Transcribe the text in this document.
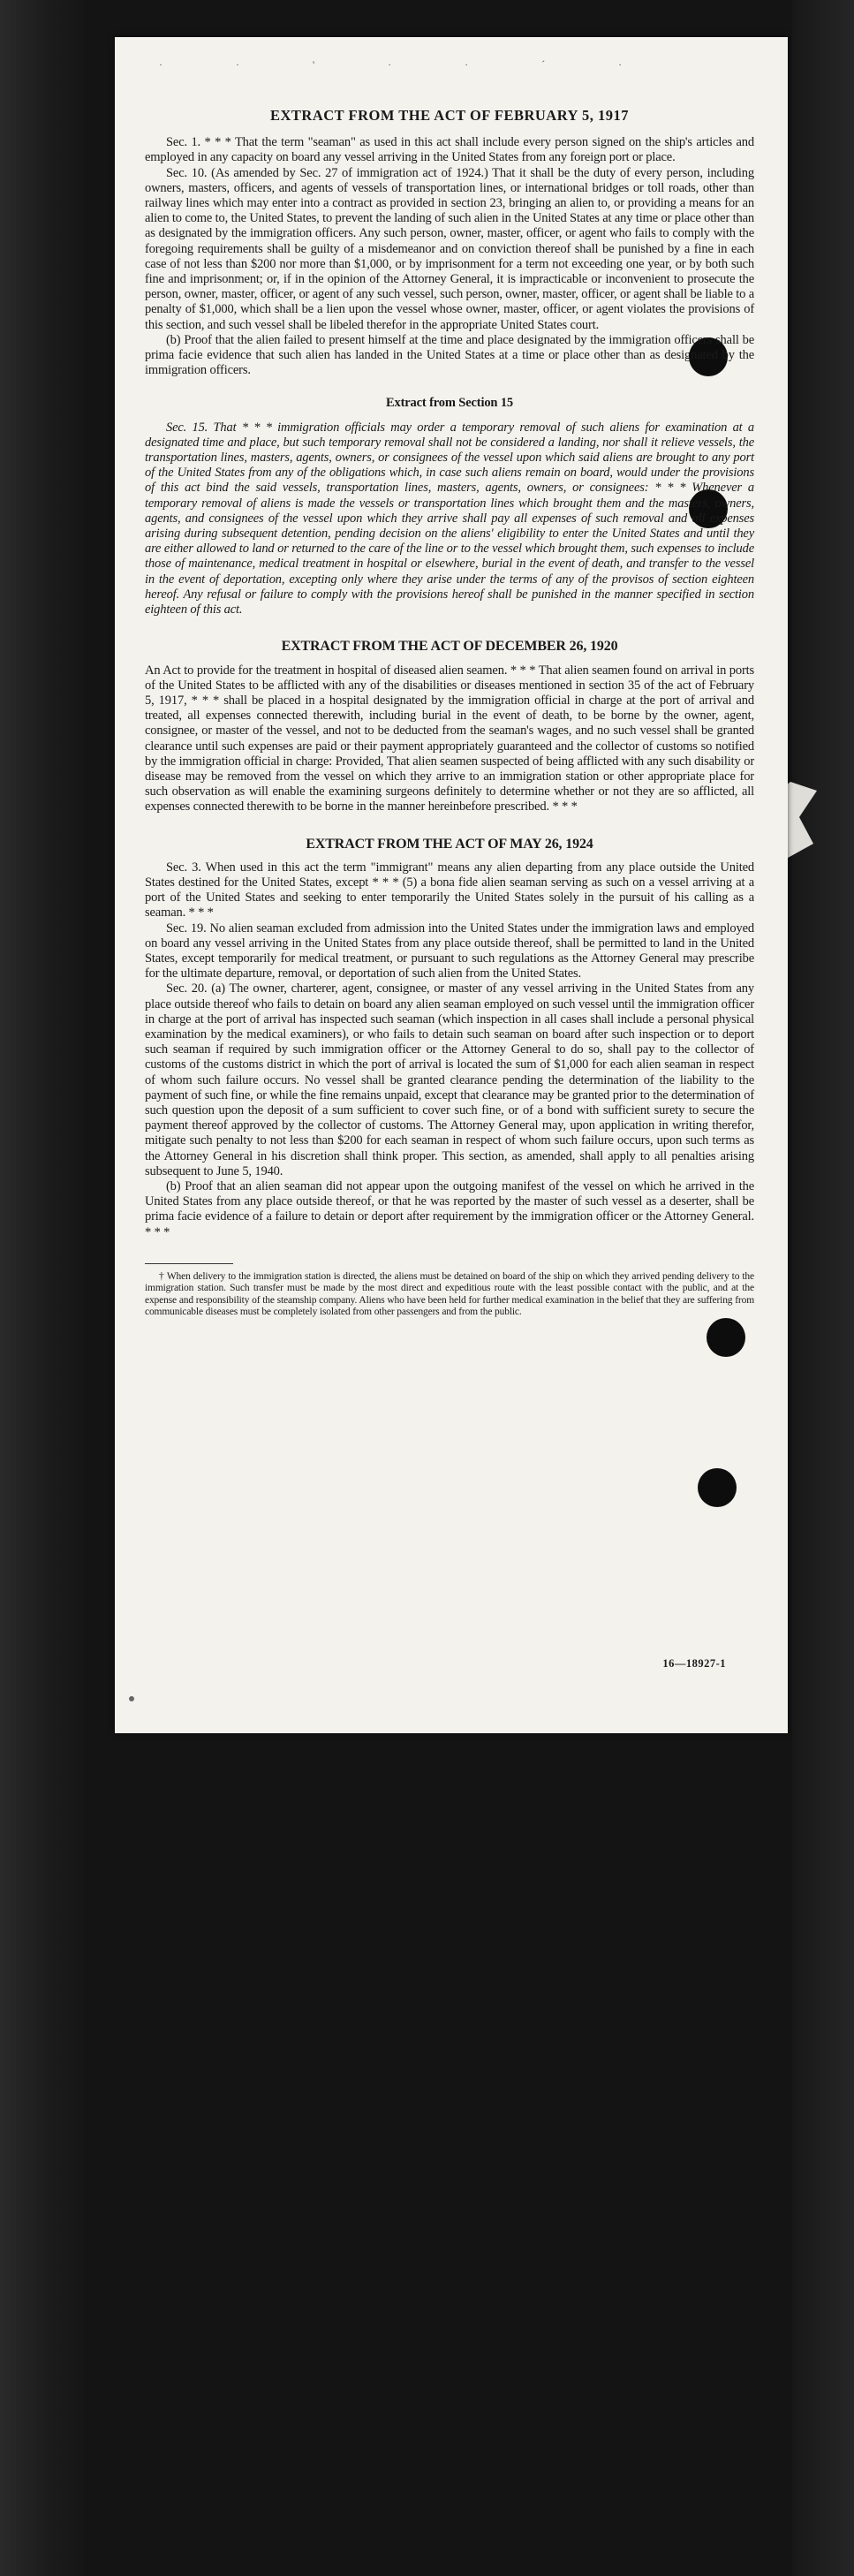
· · ' · · ´ ·
EXTRACT FROM THE ACT OF FEBRUARY 5, 1917

Sec. 1. * * * That the term "seaman" as used in this act shall include every person signed on the ship's articles and employed in any capacity on board any vessel arriving in the United States from any foreign port or place.

Sec. 10. (As amended by Sec. 27 of immigration act of 1924.) That it shall be the duty of every person, including owners, masters, officers, and agents of vessels of transportation lines, or international bridges or toll roads, other than railway lines which may enter into a contract as provided in section 23, bringing an alien to, or providing a means for an alien to come to, the United States, to prevent the landing of such alien in the United States at any time or place other than as designated by the immigration officers. Any such person, owner, master, officer, or agent who fails to comply with the foregoing requirements shall be guilty of a misdemeanor and on conviction thereof shall be punished by a fine in each case of not less than $200 nor more than $1,000, or by imprisonment for a term not exceeding one year, or by both such fine and imprisonment; or, if in the opinion of the Attorney General, it is impracticable or inconvenient to prosecute the person, owner, master, officer, or agent of any such vessel, such person, owner, master, officer, or agent shall be liable to a penalty of $1,000, which shall be a lien upon the vessel whose owner, master, officer, or agent violates the provisions of this section, and such vessel shall be libeled therefor in the appropriate United States court.

(b) Proof that the alien failed to present himself at the time and place designated by the immigration officers shall be prima facie evidence that such alien has landed in the United States at a time or place other than as designated by the immigration officers.

Extract from Section 15

Sec. 15. That * * * immigration officials may order a temporary removal of such aliens for examination at a designated time and place, but such temporary removal shall not be considered a landing, nor shall it relieve vessels, the transportation lines, masters, agents, owners, or consignees of the vessel upon which said aliens are brought to any port of the United States from any of the obligations which, in case such aliens remain on board, would under the provisions of this act bind the said vessels, transportation lines, masters, agents, owners, or consignees: * * * Whenever a temporary removal of aliens is made the vessels or transportation lines which brought them and the masters, owners, agents, and consignees of the vessel upon which they arrive shall pay all expenses of such removal and all expenses arising during subsequent detention, pending decision on the aliens' eligibility to enter the United States and until they are either allowed to land or returned to the care of the line or to the vessel which brought them, such expenses to include those of maintenance, medical treatment in hospital or elsewhere, burial in the event of death, and transfer to the vessel in the event of deportation, excepting only where they arise under the terms of any of the provisos of section eighteen hereof. Any refusal or failure to comply with the provisions hereof shall be punished in the manner specified in section eighteen of this act.

EXTRACT FROM THE ACT OF DECEMBER 26, 1920

An Act to provide for the treatment in hospital of diseased alien seamen. * * * That alien seamen found on arrival in ports of the United States to be afflicted with any of the disabilities or diseases mentioned in section 35 of the act of February 5, 1917, * * * shall be placed in a hospital designated by the immigration official in charge at the port of arrival and treated, all expenses connected therewith, including burial in the event of death, to be borne by the owner, agent, consignee, or master of the vessel, and not to be deducted from the seaman's wages, and no such vessel shall be granted clearance until such expenses are paid or their payment appropriately guaranteed and the collector of customs so notified by the immigration official in charge: Provided, That alien seamen suspected of being afflicted with any such disability or disease may be removed from the vessel on which they arrive to an immigration station or other appropriate place for such observation as will enable the examining surgeons definitely to determine whether or not they are so afflicted, all expenses connected therewith to be borne in the manner hereinbefore prescribed. * * *

EXTRACT FROM THE ACT OF MAY 26, 1924

Sec. 3. When used in this act the term "immigrant" means any alien departing from any place outside the United States destined for the United States, except * * * (5) a bona fide alien seaman serving as such on a vessel arriving at a port of the United States and seeking to enter temporarily the United States solely in the pursuit of his calling as a seaman. * * *

Sec. 19. No alien seaman excluded from admission into the United States under the immigration laws and employed on board any vessel arriving in the United States from any place outside thereof, shall be permitted to land in the United States, except temporarily for medical treatment, or pursuant to such regulations as the Attorney General may prescribe for the ultimate departure, removal, or deportation of such alien from the United States.

Sec. 20. (a) The owner, charterer, agent, consignee, or master of any vessel arriving in the United States from any place outside thereof who fails to detain on board any alien seaman employed on such vessel until the immigration officer in charge at the port of arrival has inspected such seaman (which inspection in all cases shall include a personal physical examination by the medical examiners), or who fails to detain such seaman on board after such inspection or to deport such seaman if required by such immigration officer or the Attorney General to do so, shall pay to the collector of customs of the customs district in which the port of arrival is located the sum of $1,000 for each alien seaman in respect of whom such failure occurs. No vessel shall be granted clearance pending the determination of the liability to the payment of such fine, or while the fine remains unpaid, except that clearance may be granted prior to the determination of such question upon the deposit of a sum sufficient to cover such fine, or of a bond with sufficient surety to secure the payment thereof approved by the collector of customs. The Attorney General may, upon application in writing therefor, mitigate such penalty to not less than $200 for each seaman in respect of whom such failure occurs, upon such terms as the Attorney General in his discretion shall think proper. This section, as amended, shall apply to all penalties arising subsequent to June 5, 1940.

(b) Proof that an alien seaman did not appear upon the outgoing manifest of the vessel on which he arrived in the United States from any place outside thereof, or that he was reported by the master of such vessel as a deserter, shall be prima facie evidence of a failure to detain or deport after requirement by the immigration officer or the Attorney General. * * *

† When delivery to the immigration station is directed, the aliens must be detained on board of the ship on which they arrived pending delivery to the immigration station. Such transfer must be made by the most direct and expeditious route with the least possible contact with the public, and at the expense and responsibility of the steamship company. Aliens who have been held for further medical examination in the belief that they are suffering from communicable diseases must be completely isolated from other passengers and from the public.

16—18927-1
